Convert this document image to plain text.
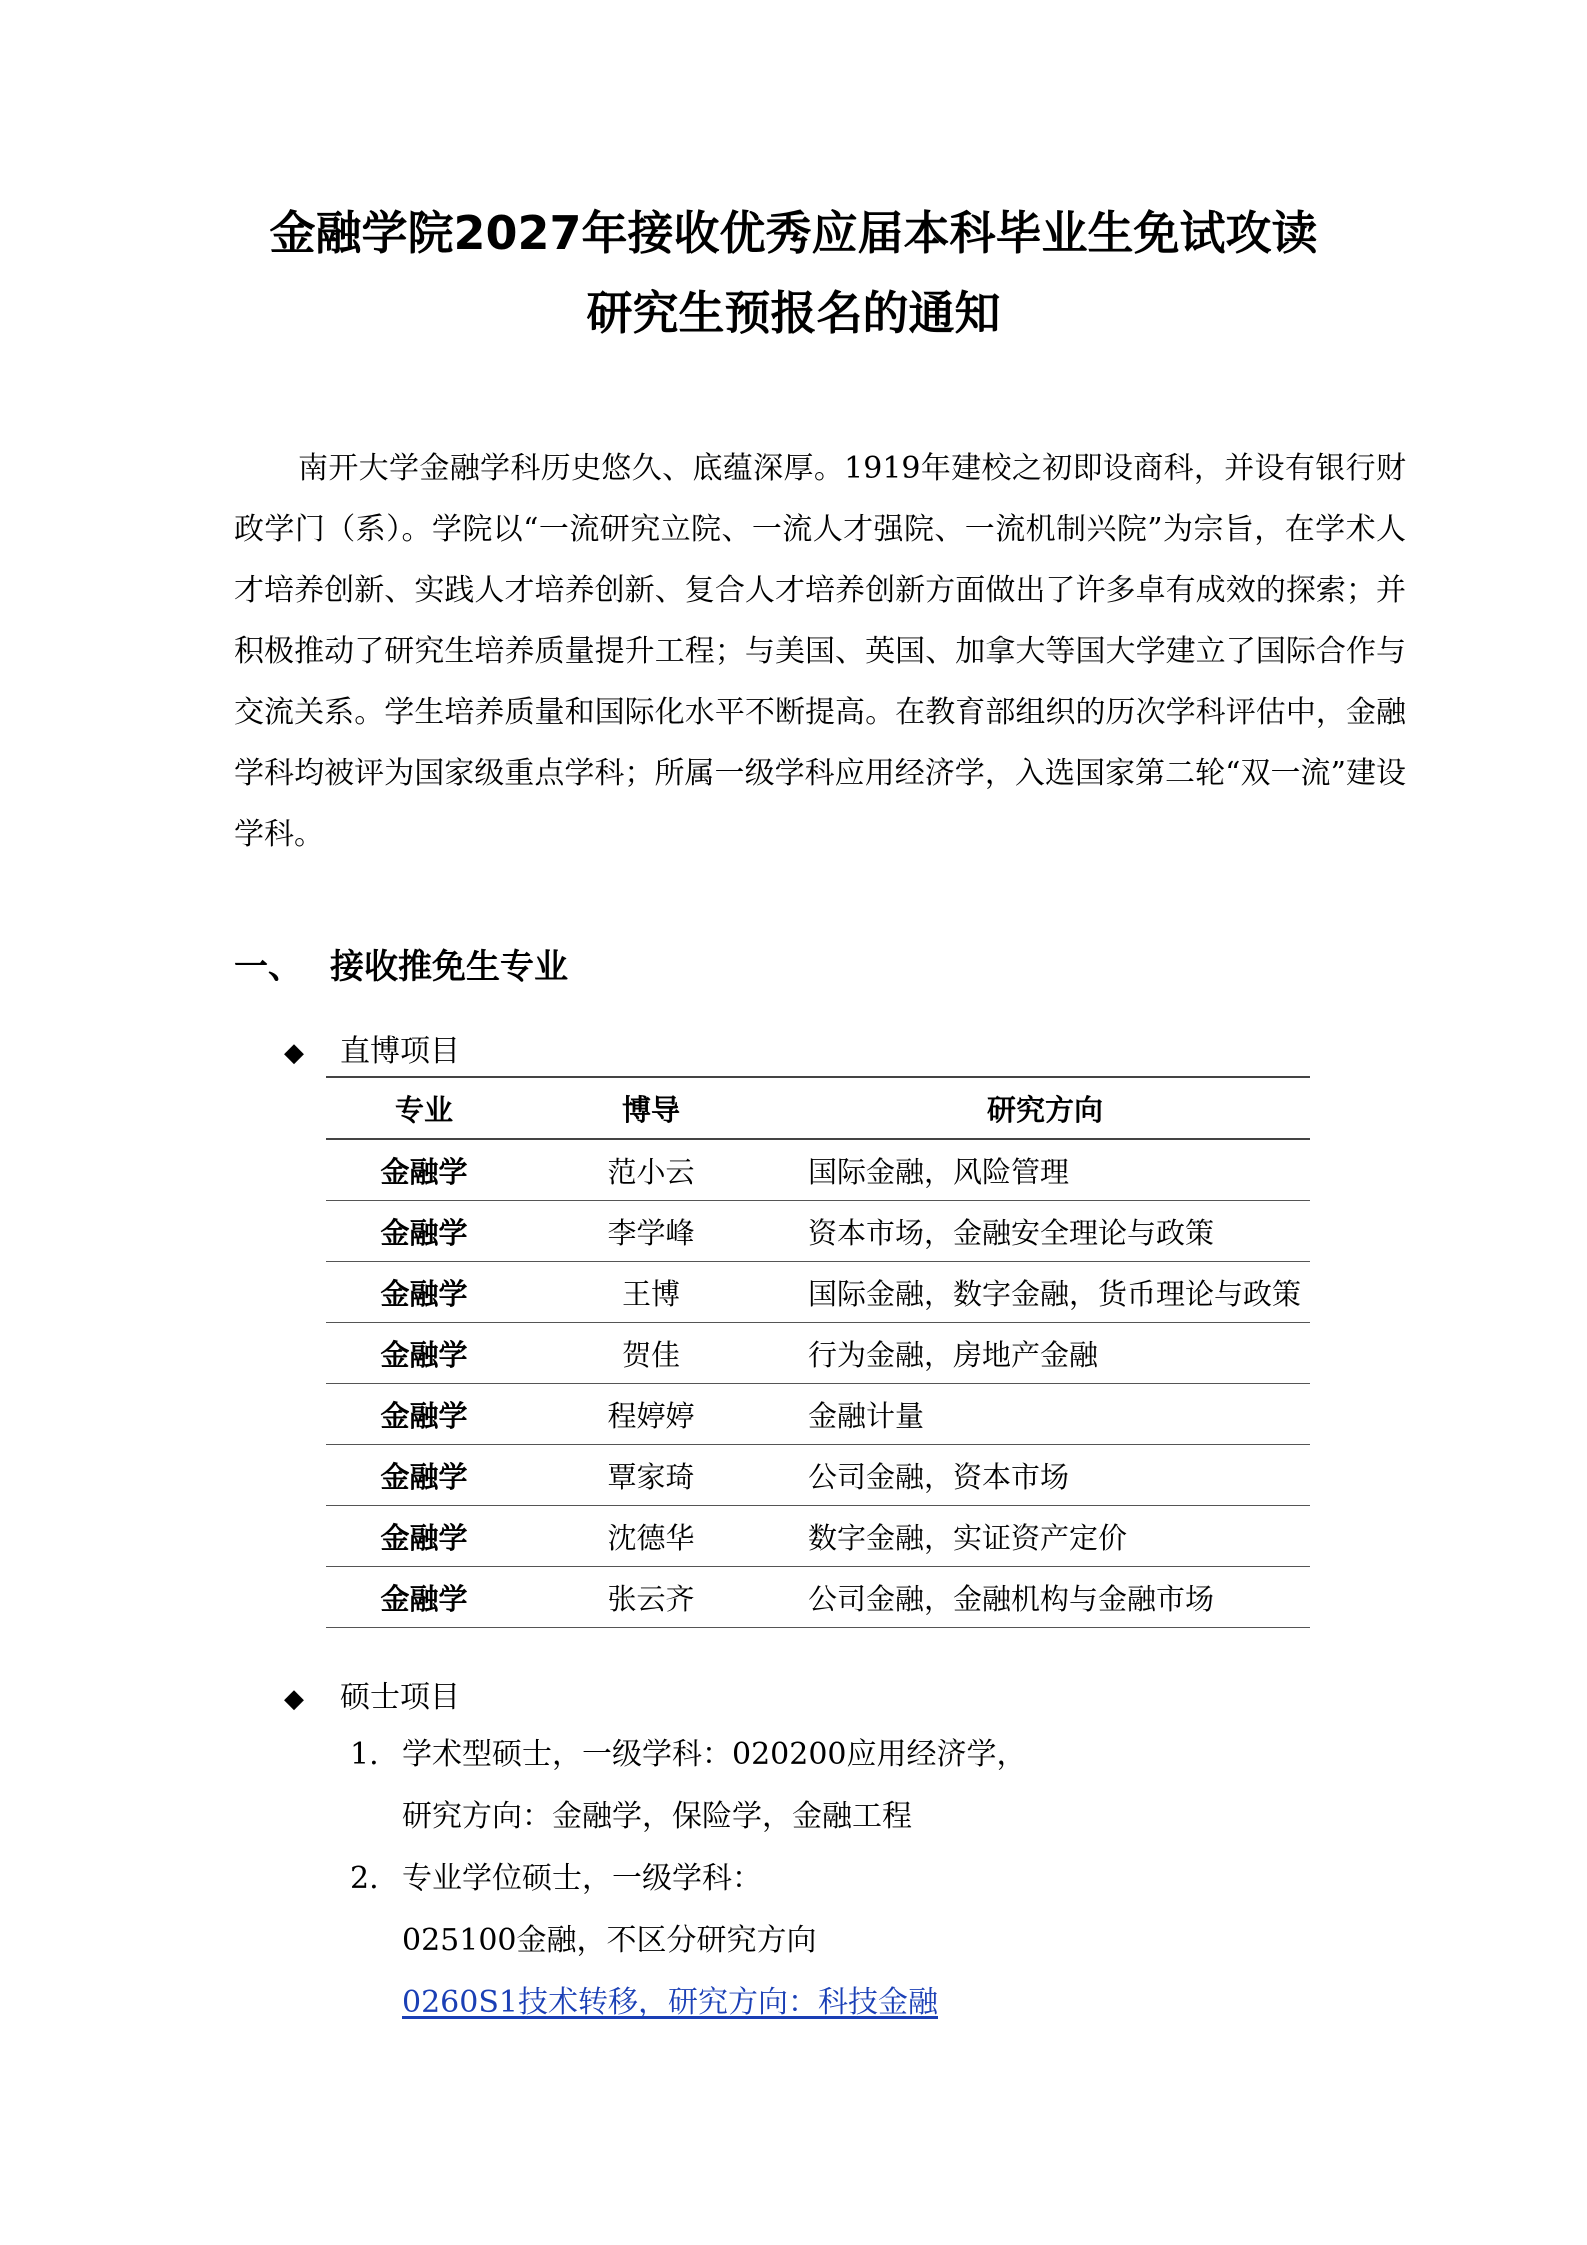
金融学院2027年接收优秀应届本科毕业生免试攻读
研究生预报名的通知

南开大学金融学科历史悠久、底蕴深厚。1919年建校之初即设商科，并设有银行财政学门（系）。学院以“一流研究立院、一流人才强院、一流机制兴院”为宗旨，在学术人才培养创新、实践人才培养创新、复合人才培养创新方面做出了许多卓有成效的探索；并积极推动了研究生培养质量提升工程；与美国、英国、加拿大等国大学建立了国际合作与交流关系。学生培养质量和国际化水平不断提高。在教育部组织的历次学科评估中，金融学科均被评为国家级重点学科；所属一级学科应用经济学，入选国家第二轮“双一流”建设学科。

一、 接收推免生专业
◆ 直博项目
专业	博导	研究方向
金融学	范小云	国际金融，风险管理
金融学	李学峰	资本市场，金融安全理论与政策
金融学	王博	国际金融，数字金融，货币理论与政策
金融学	贺佳	行为金融，房地产金融
金融学	程婷婷	金融计量
金融学	覃家琦	公司金融，资本市场
金融学	沈德华	数字金融，实证资产定价
金融学	张云齐	公司金融，金融机构与金融市场
◆ 硕士项目
1. 学术型硕士，一级学科：020200应用经济学，
研究方向：金融学，保险学，金融工程
2. 专业学位硕士，一级学科：
025100金融，不区分研究方向
0260S1技术转移，研究方向：科技金融
